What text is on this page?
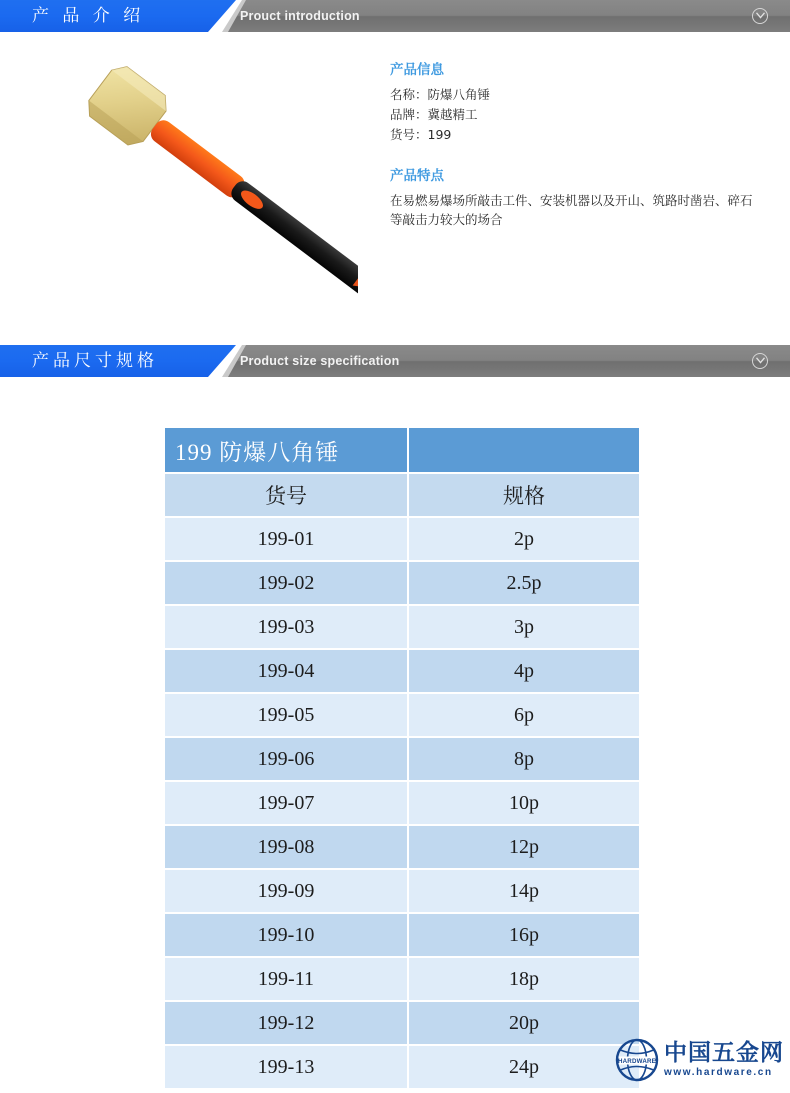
产 品 介 绍	Prouct introduction

产品信息

名称：防爆八角锤

品牌：冀越精工

货号：199

产品特点

在易燃易爆场所敲击工件、安装机器以及开山、筑路时凿岩、碎石等敲击力较大的场合

产品尺寸规格	Product size specification
199 防爆八角锤	
货号	规格
199-01	2p
199-02	2.5p
199-03	3p
199-04	4p
199-05	6p
199-06	8p
199-07	10p
199-08	12p
199-09	14p
199-10	16p
199-11	18p
199-12	20p
199-13	24p	HARDWARE 中国五金网
www.hardware.cn
